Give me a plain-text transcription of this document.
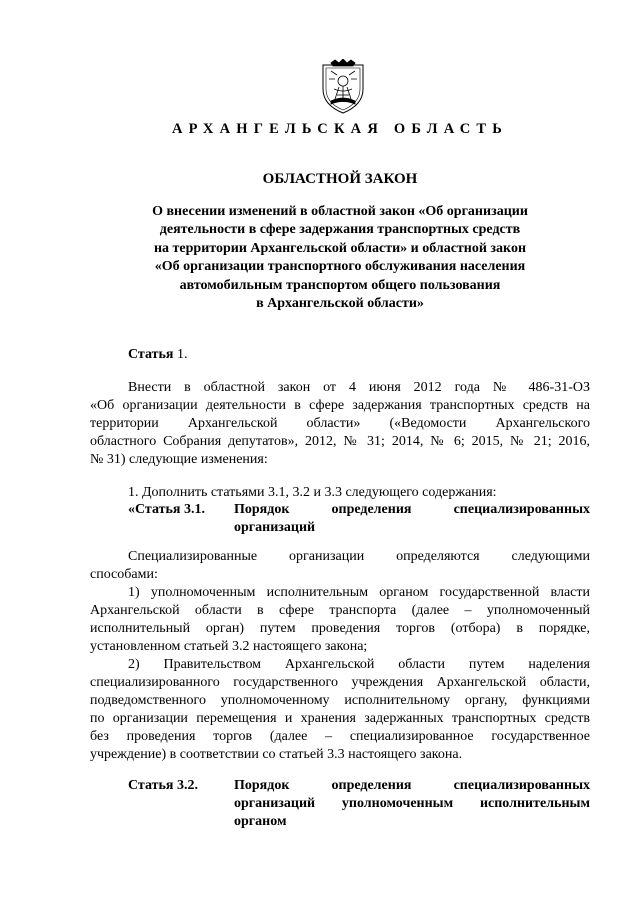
АРХАНГЕЛЬСКАЯ ОБЛАСТЬ
ОБЛАСТНОЙ ЗАКОН
О внесении изменений в областной закон «Об организации
деятельности в сфере задержания транспортных средств
на территории Архангельской области» и областной закон
«Об организации транспортного обслуживания населения
автомобильным транспортом общего пользования
в Архангельской области»
Статья 1.
Внести в областной закон от 4 июня 2012 года № 486-31-ОЗ
«Об организации деятельности в сфере задержания транспортных средств на
территории Архангельской области» («Ведомости Архангельского
областного Собрания депутатов», 2012, № 31; 2014, № 6; 2015, № 21; 2016,
№ 31) следующие изменения:
1. Дополнить статьями 3.1, 3.2 и 3.3 следующего содержания:
«Статья 3.1. Порядок определения специализированных
организаций
Специализированные организации определяются следующими
способами:
1) уполномоченным исполнительным органом государственной власти
Архангельской области в сфере транспорта (далее – уполномоченный
исполнительный орган) путем проведения торгов (отбора) в порядке,
установленном статьей 3.2 настоящего закона;
2) Правительством Архангельской области путем наделения
специализированного государственного учреждения Архангельской области,
подведомственного уполномоченному исполнительному органу, функциями
по организации перемещения и хранения задержанных транспортных средств
без проведения торгов (далее – специализированное государственное
учреждение) в соответствии со статьей 3.3 настоящего закона.
Статья 3.2.	Порядок определения специализированных
организаций уполномоченным исполнительным
органом
